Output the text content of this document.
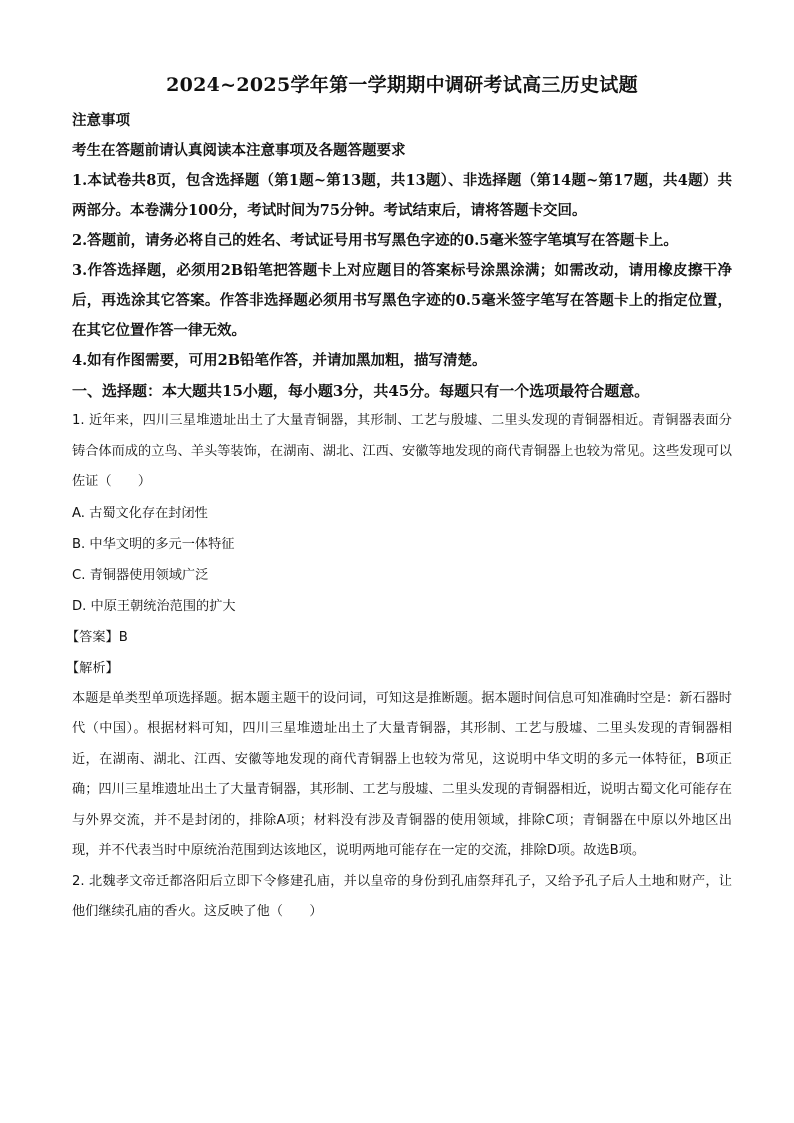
2024~2025学年第一学期期中调研考试高三历史试题

注意事项

考生在答题前请认真阅读本注意事项及各题答题要求

1.本试卷共8页，包含选择题（第1题~第13题，共13题）、非选择题（第14题~第17题，共4题）共两部分。本卷满分100分，考试时间为75分钟。考试结束后，请将答题卡交回。

2.答题前，请务必将自己的姓名、考试证号用书写黑色字迹的0.5毫米签字笔填写在答题卡上。

3.作答选择题，必须用2B铅笔把答题卡上对应题目的答案标号涂黑涂满；如需改动，请用橡皮擦干净后，再选涂其它答案。作答非选择题必须用书写黑色字迹的0.5毫米签字笔写在答题卡上的指定位置，在其它位置作答一律无效。

4.如有作图需要，可用2B铅笔作答，并请加黑加粗，描写清楚。

一、选择题：本大题共15小题，每小题3分，共45分。每题只有一个选项最符合题意。

1. 近年来，四川三星堆遗址出土了大量青铜器，其形制、工艺与殷墟、二里头发现的青铜器相近。青铜器表面分铸合体而成的立鸟、羊头等装饰，在湖南、湖北、江西、安徽等地发现的商代青铜器上也较为常见。这些发现可以佐证（　　）

A. 古蜀文化存在封闭性

B. 中华文明的多元一体特征

C. 青铜器使用领域广泛

D. 中原王朝统治范围的扩大

【答案】B

【解析】

本题是单类型单项选择题。据本题主题干的设问词，可知这是推断题。据本题时间信息可知准确时空是：新石器时代（中国）。根据材料可知，四川三星堆遗址出土了大量青铜器，其形制、工艺与殷墟、二里头发现的青铜器相近，在湖南、湖北、江西、安徽等地发现的商代青铜器上也较为常见，这说明中华文明的多元一体特征，B项正确；四川三星堆遗址出土了大量青铜器，其形制、工艺与殷墟、二里头发现的青铜器相近，说明古蜀文化可能存在与外界交流，并不是封闭的，排除A项；材料没有涉及青铜器的使用领域，排除C项；青铜器在中原以外地区出现，并不代表当时中原统治范围到达该地区，说明两地可能存在一定的交流，排除D项。故选B项。

2. 北魏孝文帝迁都洛阳后立即下令修建孔庙，并以皇帝的身份到孔庙祭拜孔子，又给予孔子后人土地和财产，让他们继续孔庙的香火。这反映了他（　　）
